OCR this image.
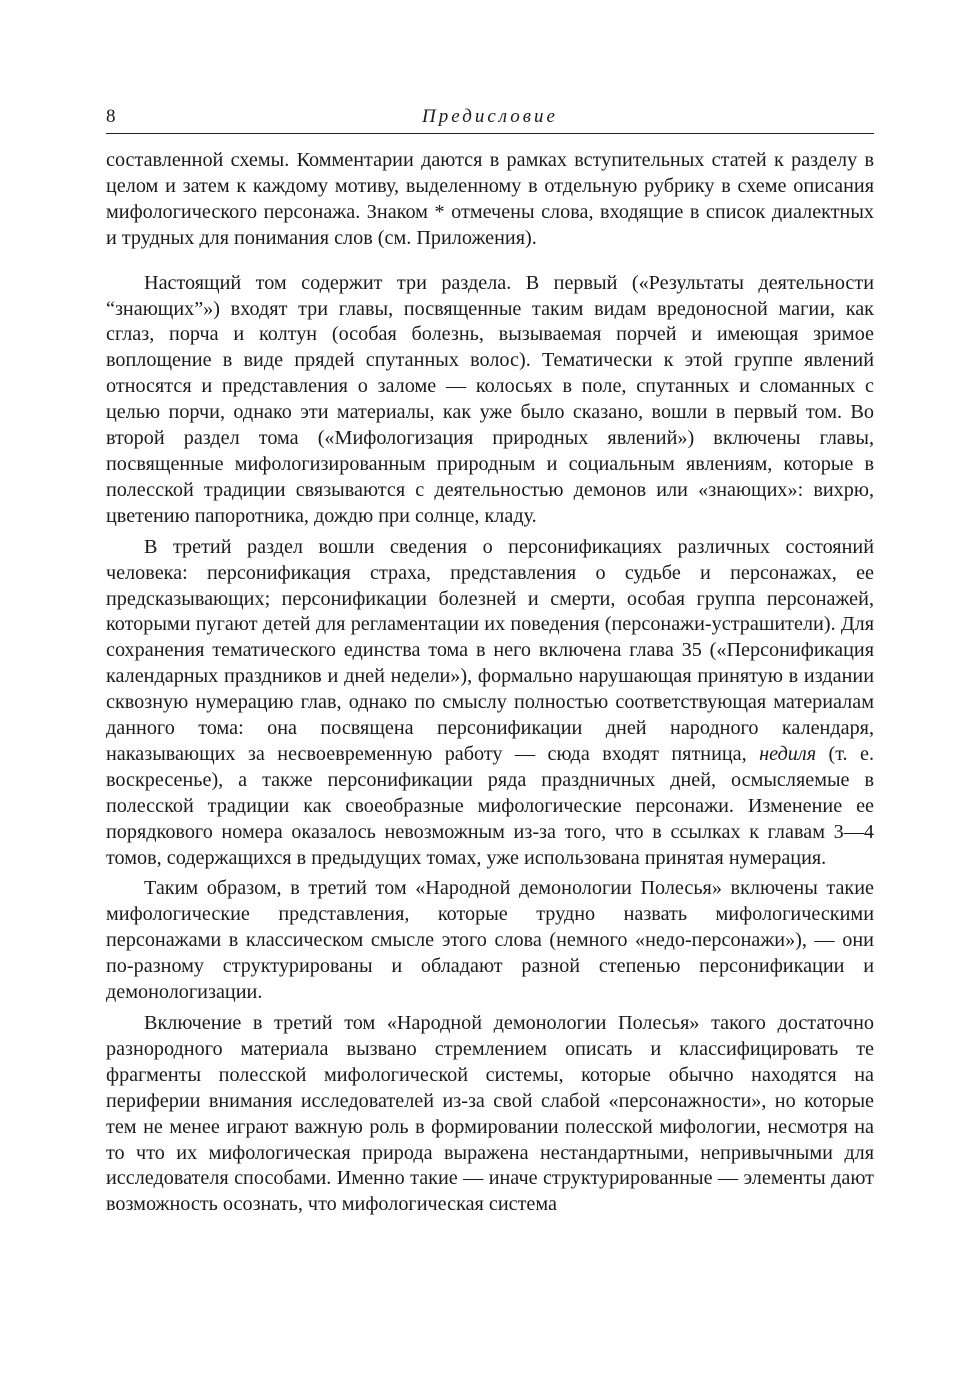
8	Предисловие

составленной схемы. Комментарии даются в рамках вступительных статей к разделу в целом и затем к каждому мотиву, выделенному в отдельную рубрику в схеме описания мифологического персонажа. Знаком * отмечены слова, входящие в список диалектных и трудных для понимания слов (см. Приложения).

Настоящий том содержит три раздела. В первый («Результаты деятельности “знающих”») входят три главы, посвященные таким видам вредоносной магии, как сглаз, порча и колтун (особая болезнь, вызываемая порчей и имеющая зримое воплощение в виде прядей спутанных волос). Тематически к этой группе явлений относятся и представления о заломе — колосьях в поле, спутанных и сломанных с целью порчи, однако эти материалы, как уже было сказано, вошли в первый том. Во второй раздел тома («Мифологизация природных явлений») включены главы, посвященные мифологизированным природным и социальным явлениям, которые в полесской традиции связываются с деятельностью демонов или «знающих»: вихрю, цветению папоротника, дождю при солнце, кладу.

В третий раздел вошли сведения о персонификациях различных состояний человека: персонификация страха, представления о судьбе и персонажах, ее предсказывающих; персонификации болезней и смерти, особая группа персонажей, которыми пугают детей для регламентации их поведения (персонажи-устрашители). Для сохранения тематического единства тома в него включена глава 35 («Персонификация календарных праздников и дней недели»), формально нарушающая принятую в издании сквозную нумерацию глав, однако по смыслу полностью соответствующая материалам данного тома: она посвящена персонификации дней народного календаря, наказывающих за несвоевременную работу — сюда входят пятница, недиля (т. е. воскресенье), а также персонификации ряда праздничных дней, осмысляемые в полесской традиции как своеобразные мифологические персонажи. Изменение ее порядкового номера оказалось невозможным из-за того, что в ссылках к главам 3—4 томов, содержащихся в предыдущих томах, уже использована принятая нумерация.

Таким образом, в третий том «Народной демонологии Полесья» включены такие мифологические представления, которые трудно назвать мифологическими персонажами в классическом смысле этого слова (немного «недо-персонажи»), — они по-разному структурированы и обладают разной степенью персонификации и демонологизации.

Включение в третий том «Народной демонологии Полесья» такого достаточно разнородного материала вызвано стремлением описать и классифицировать те фрагменты полесской мифологической системы, которые обычно находятся на периферии внимания исследователей из-за свой слабой «персонажности», но которые тем не менее играют важную роль в формировании полесской мифологии, несмотря на то что их мифологическая природа выражена нестандартными, непривычными для исследователя способами. Именно такие — иначе структурированные — элементы дают возможность осознать, что мифологическая система
